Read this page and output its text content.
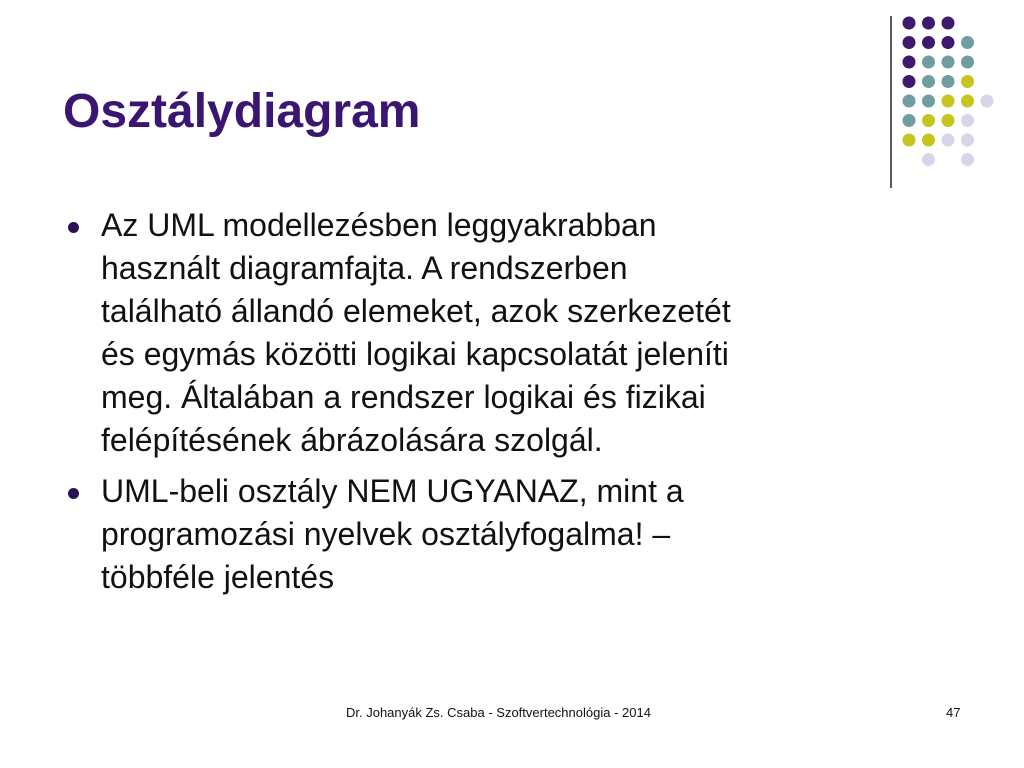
Osztálydiagram
Az UML modellezésben leggyakrabban
használt diagramfajta. A rendszerben
található állandó elemeket, azok szerkezetét
és egymás közötti logikai kapcsolatát jeleníti
meg. Általában a rendszer logikai és fizikai
felépítésének ábrázolására szolgál.
UML-beli osztály NEM UGYANAZ, mint a
programozási nyelvek osztályfogalma! –
többféle jelentés
Dr. Johanyák Zs. Csaba - Szoftvertechnológia - 2014	47
